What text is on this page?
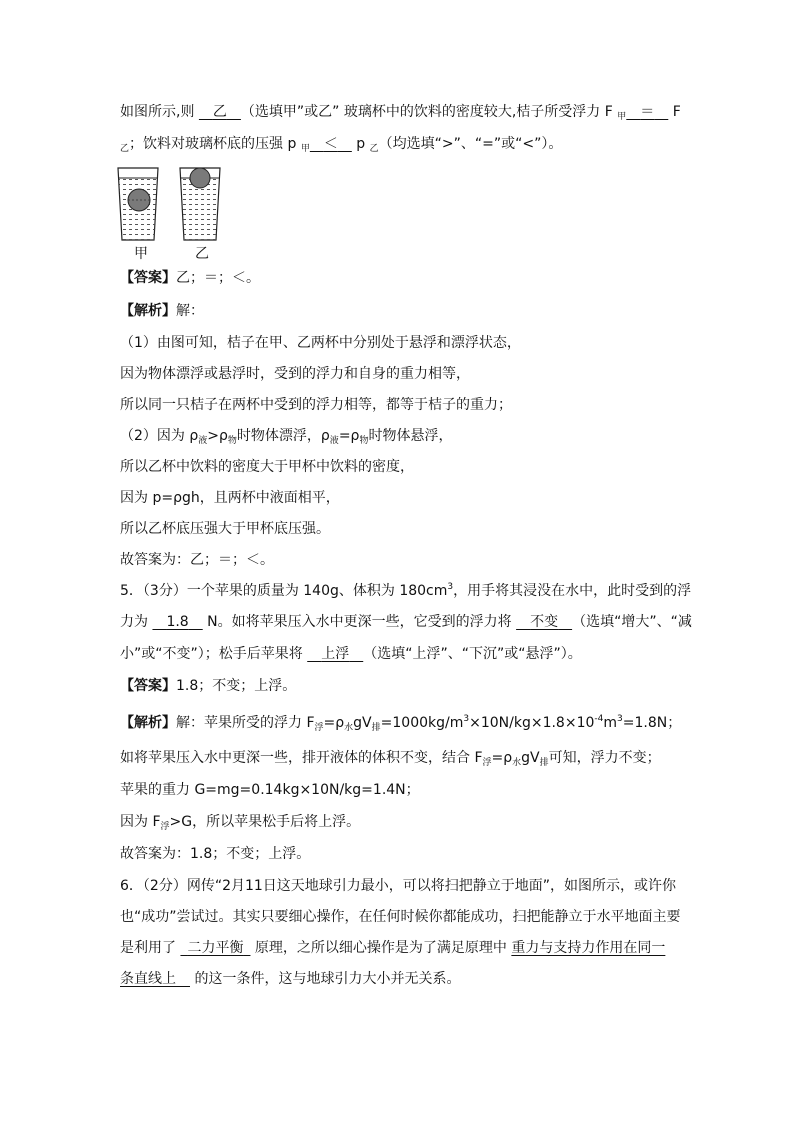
如图所示,则  乙  （选填甲”或乙” 玻璃杯中的饮料的密度较大,桔子所受浮力 F $_甲$  ＝  F
$_乙$；饮料对玻璃杯底的压强 p $_甲$  ＜  p $_乙$（均选填“>”、“=”或“<”）。
甲	乙
【答案】乙；＝；＜。
【解析】解：
（1）由图可知，桔子在甲、乙两杯中分别处于悬浮和漂浮状态，
因为物体漂浮或悬浮时，受到的浮力和自身的重力相等，
所以同一只桔子在两杯中受到的浮力相等，都等于桔子的重力；
（2）因为 $\rho_液>\rho_物$时物体漂浮，$\rho_液=\rho_物$时物体悬浮，
所以乙杯中饮料的密度大于甲杯中饮料的密度，
因为 p=ρgh，且两杯中液面相平，
所以乙杯底压强大于甲杯底压强。
故答案为：乙；＝；＜。
5．（3分）一个苹果的质量为 140g、体积为 $180cm^3$，用手将其浸没在水中，此时受到的浮
力为  1.8  N。如将苹果压入水中更深一些，它受到的浮力将  不变  （选填“增大”、“减
小”或“不变”）；松手后苹果将  上浮  （选填“上浮”、“下沉”或“悬浮”）。
【答案】1.8；不变；上浮。
【解析】解：苹果所受的浮力 $F_浮=\rho_水gV_排=1000kg/m^3\times 10N/kg\times 1.8\times 10^{-4}m^3=1.8N$；
如将苹果压入水中更深一些，排开液体的体积不变，结合 $F_浮=\rho_水gV_排$可知，浮力不变；
苹果的重力 G=mg=0.14kg×10N/kg=1.4N；
因为 $F_浮>G$，所以苹果松手后将上浮。
故答案为：1.8；不变；上浮。
6．（2分）网传“2月11日这天地球引力最小，可以将扫把静立于地面”，如图所示，或许你
也“成功”尝试过。其实只要细心操作，在任何时候你都能成功，扫把能静立于水平地面主要
是利用了  二力平衡  原理，之所以细心操作是为了满足原理中 重力与支持力作用在同一
条直线上  的这一条件，这与地球引力大小并无关系。
